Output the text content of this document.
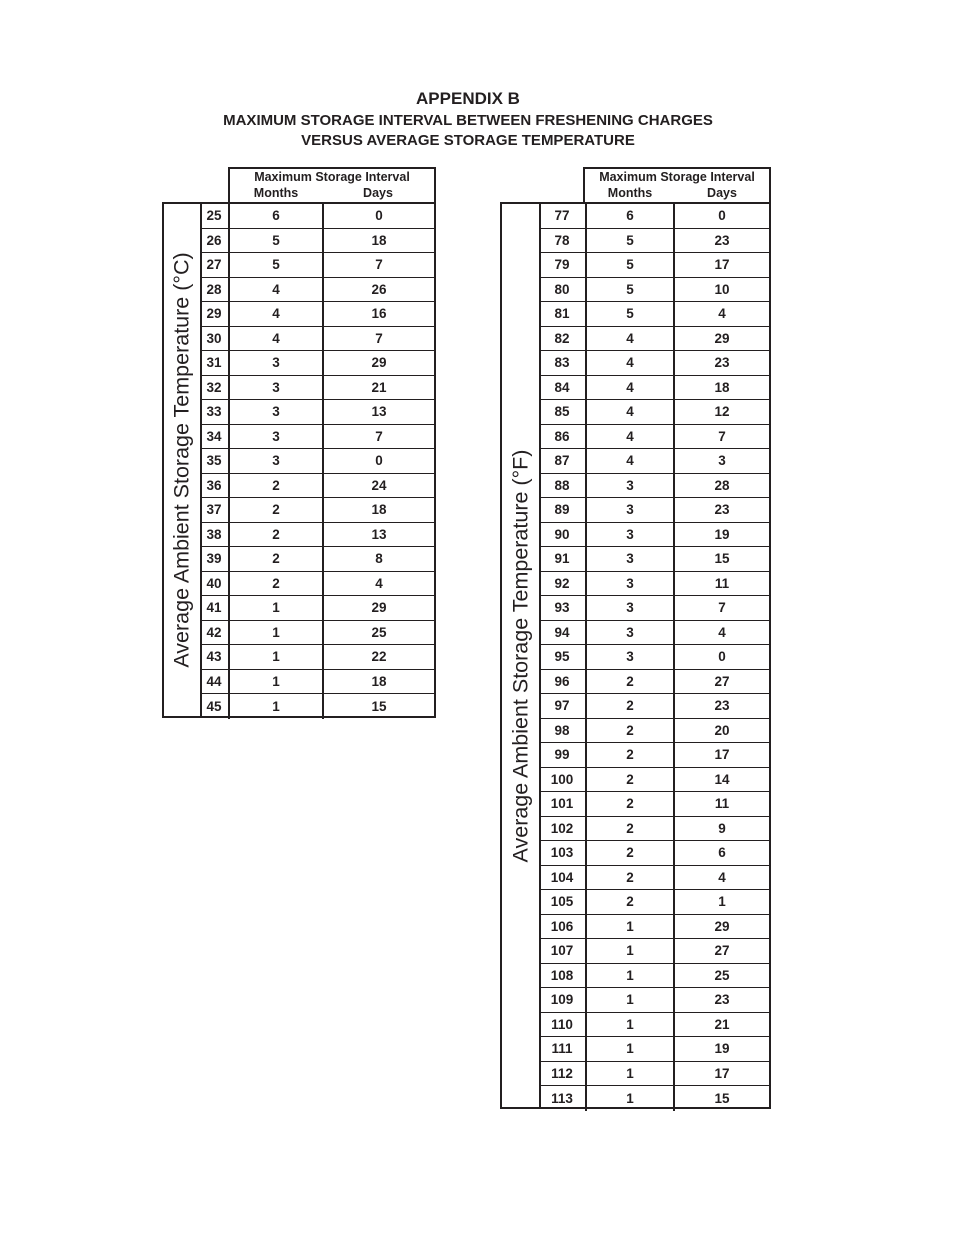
APPENDIX B
MAXIMUM STORAGE INTERVAL BETWEEN FRESHENING CHARGES
VERSUS AVERAGE STORAGE TEMPERATURE
Maximum Storage Interval
Months	Days
Average Ambient Storage Temperature (°C)
25	6	0
26	5	18
27	5	7
28	4	26
29	4	16
30	4	7
31	3	29
32	3	21
33	3	13
34	3	7
35	3	0
36	2	24
37	2	18
38	2	13
39	2	8
40	2	4
41	1	29
42	1	25
43	1	22
44	1	18
45	1	15
Maximum Storage Interval
Months	Days
Average Ambient Storage Temperature (°F)
77	6	0
78	5	23
79	5	17
80	5	10
81	5	4
82	4	29
83	4	23
84	4	18
85	4	12
86	4	7
87	4	3
88	3	28
89	3	23
90	3	19
91	3	15
92	3	11
93	3	7
94	3	4
95	3	0
96	2	27
97	2	23
98	2	20
99	2	17
100	2	14
101	2	11
102	2	9
103	2	6
104	2	4
105	2	1
106	1	29
107	1	27
108	1	25
109	1	23
110	1	21
111	1	19
112	1	17
113	1	15
